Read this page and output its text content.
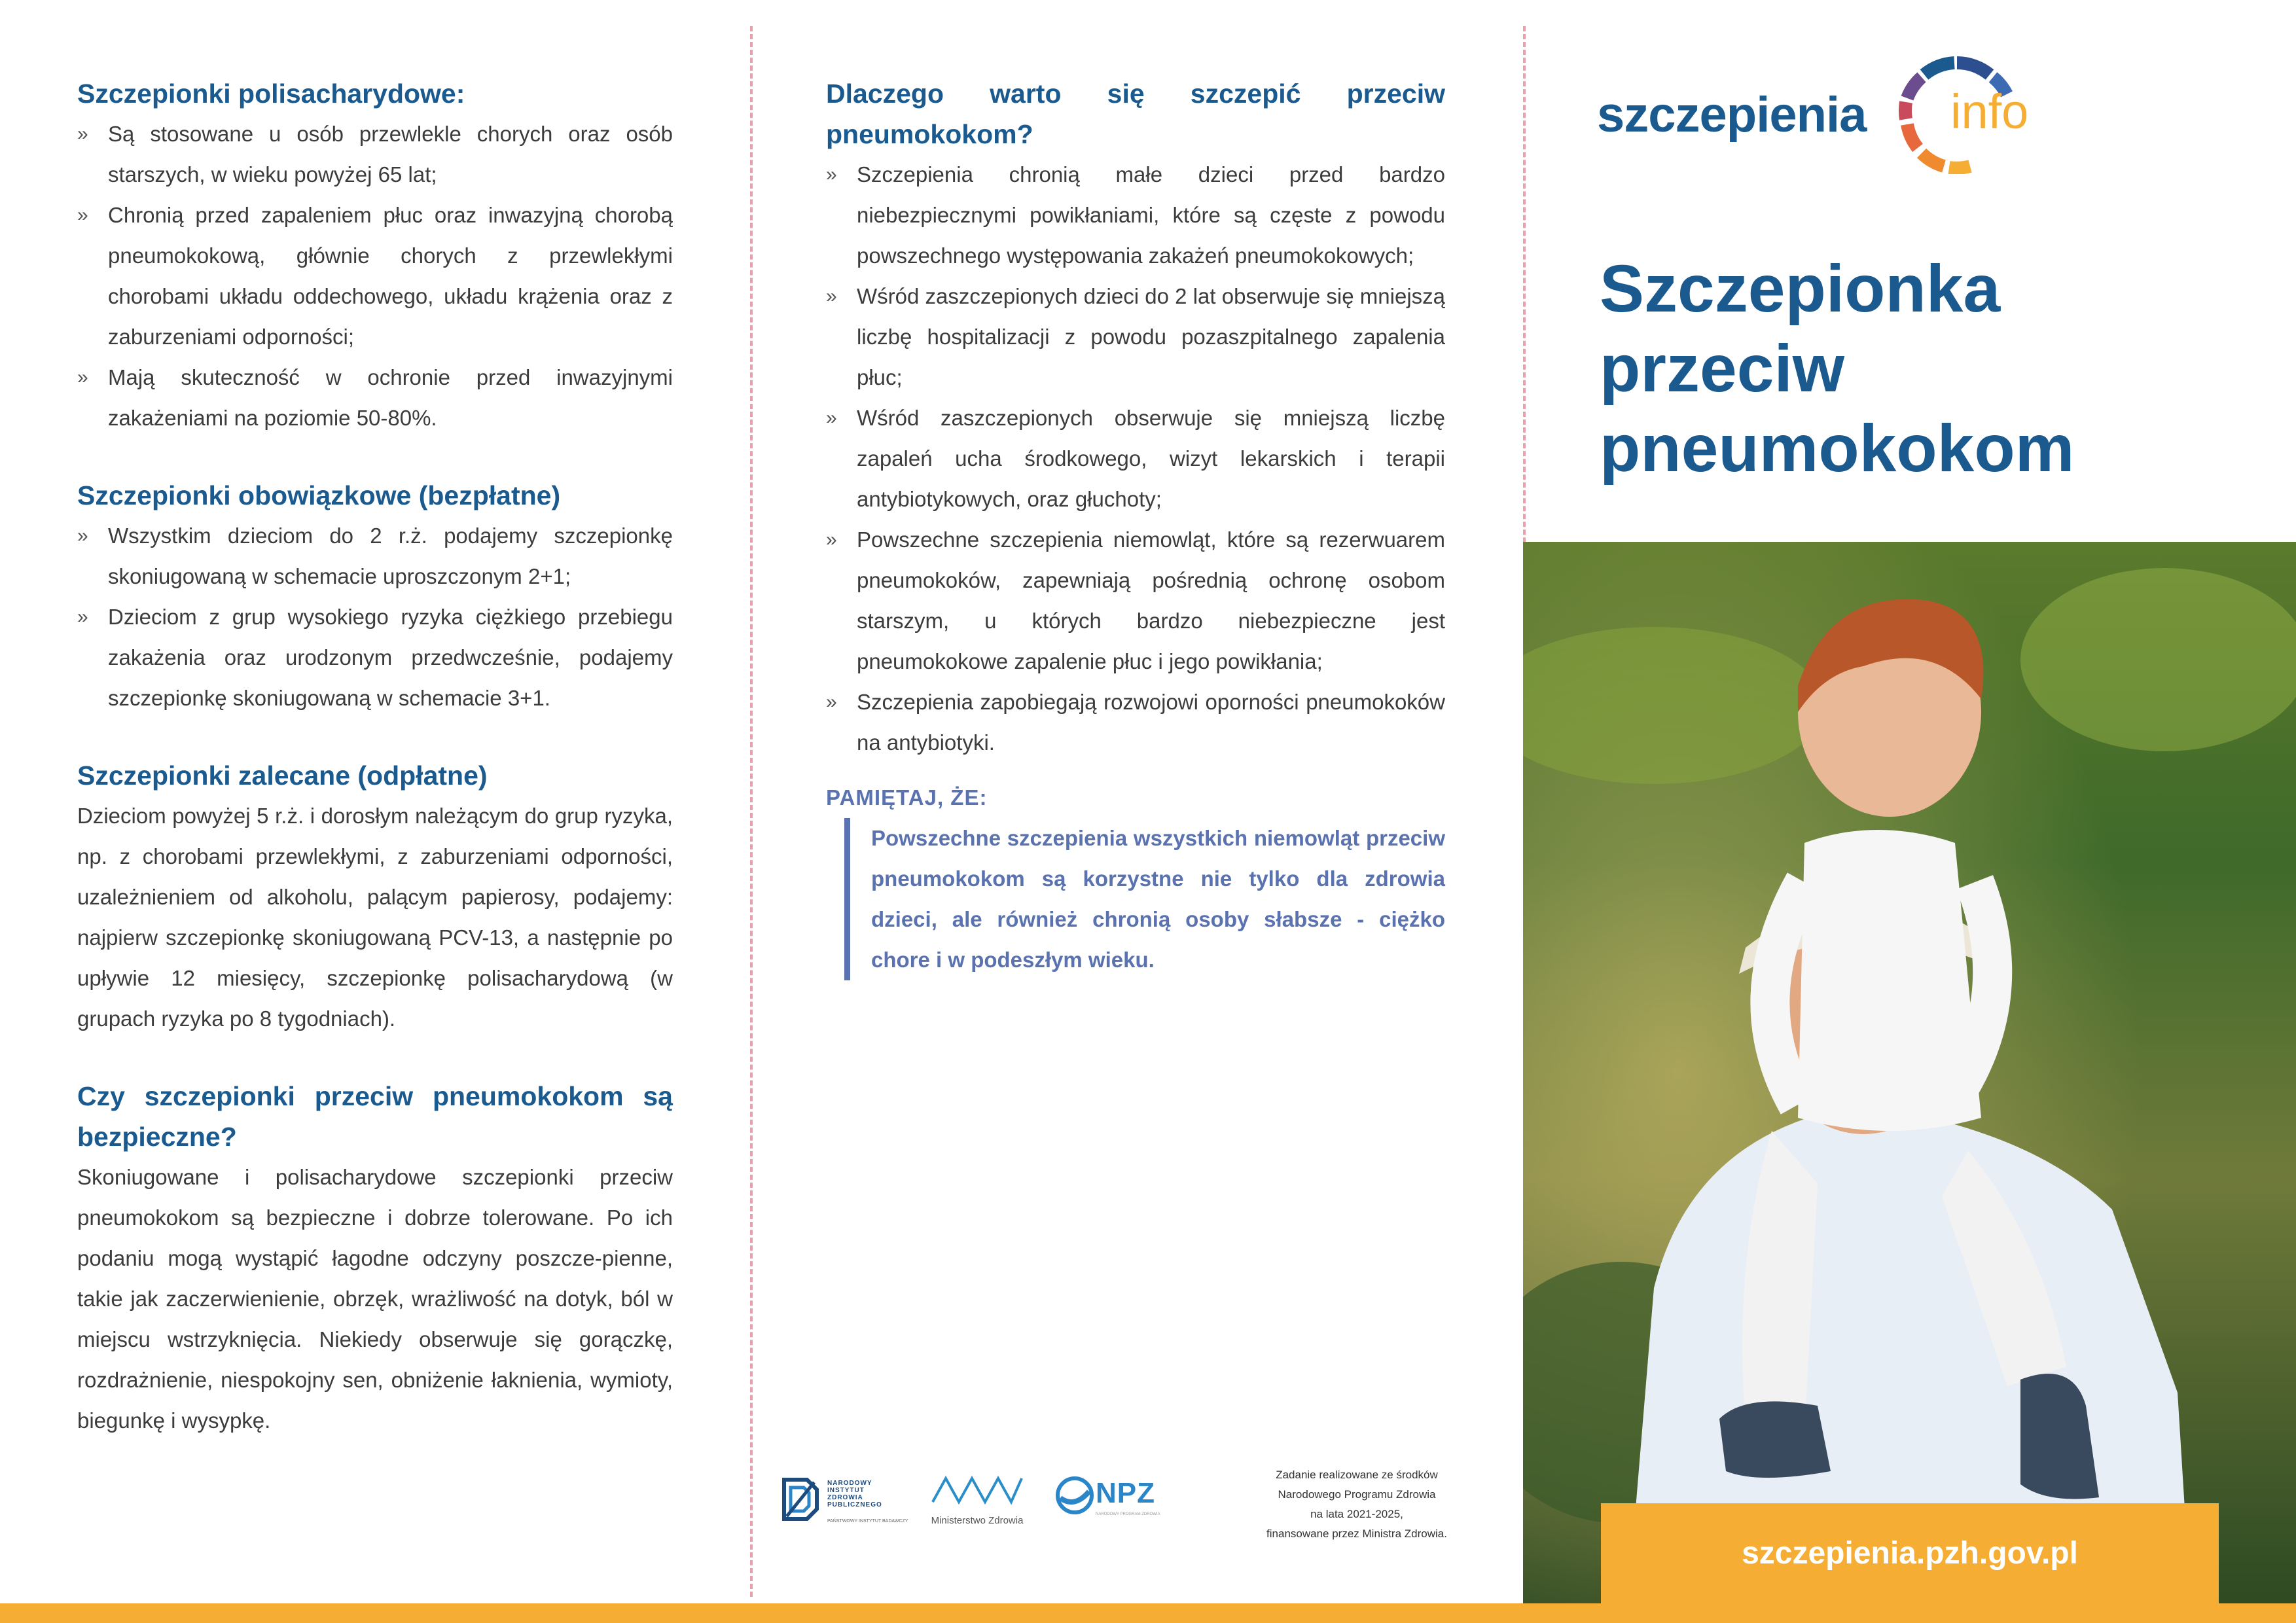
Szczepionki polisacharydowe:
» Są stosowane u osób przewlekle chorych oraz osób starszych, w wieku powyżej 65 lat;
» Chronią przed zapaleniem płuc oraz inwazyjną chorobą pneumokokową, głównie chorych z przewlekłymi chorobami układu oddechowego, układu krążenia oraz z zaburzeniami odporności;
» Mają skuteczność w ochronie przed inwazyjnymi zakażeniami na poziomie 50-80%.
Szczepionki obowiązkowe (bezpłatne)
» Wszystkim dzieciom do 2 r.ż. podajemy szczepionkę skoniugowaną w schemacie uproszczonym 2+1;
» Dzieciom z grup wysokiego ryzyka ciężkiego przebiegu zakażenia oraz urodzonym przedwcześnie, podajemy szczepionkę skoniugowaną w schemacie 3+1.
Szczepionki zalecane (odpłatne)

Dzieciom powyżej 5 r.ż. i dorosłym należącym do grup ryzyka, np. z chorobami przewlekłymi, z zaburzeniami odporności, uzależnieniem od alkoholu, palącym papierosy, podajemy: najpierw szczepionkę skoniugowaną PCV-13, a następnie po upływie 12 miesięcy, szczepionkę polisacharydową (w grupach ryzyka po 8 tygodniach).

Czy szczepionki przeciw pneumokokom są bezpieczne?

Skoniugowane i polisacharydowe szczepionki przeciw pneumokokom są bezpieczne i dobrze tolerowane. Po ich podaniu mogą wystąpić łagodne odczyny poszcze-pienne, takie jak zaczerwienienie, obrzęk, wrażliwość na dotyk, ból w miejscu wstrzyknięcia. Niekiedy obserwuje się gorączkę, rozdrażnienie, niespokojny sen, obniżenie łaknienia, wymioty, biegunkę i wysypkę.

Dlaczego warto się szczepić przeciw pneumokokom?
» Szczepienia chronią małe dzieci przed bardzo niebezpiecznymi powikłaniami, które są częste z powodu powszechnego występowania zakażeń pneumokokowych;
» Wśród zaszczepionych dzieci do 2 lat obserwuje się mniejszą liczbę hospitalizacji z powodu pozaszpitalnego zapalenia płuc;
» Wśród zaszczepionych obserwuje się mniejszą liczbę zapaleń ucha środkowego, wizyt lekarskich i terapii antybiotykowych, oraz głuchoty;
» Powszechne szczepienia niemowląt, które są rezerwuarem pneumokoków, zapewniają pośrednią ochronę osobom starszym, u których bardzo niebezpieczne jest pneumokokowe zapalenie płuc i jego powikłania;
» Szczepienia zapobiegają rozwojowi oporności pneumokoków na antybiotyki.
PAMIĘTAJ, ŻE:

Powszechne szczepienia wszystkich niemowląt przeciw pneumokokom są korzystne nie tylko dla zdrowia dzieci, ale również chronią osoby słabsze - ciężko chore i w podeszłym wieku.

NARODOWY
INSTYTUT
ZDROWIA
PUBLICZNEGO
PAŃSTWOWY INSTYTUT BADAWCZY	Ministerstwo Zdrowia
NPZ
NARODOWY PROGRAM ZDROWIA
Zadanie realizowane ze środków
Narodowego Programu Zdrowia
na lata 2021-2025,
finansowane przez Ministra Zdrowia.
szczepienia info
Szczepionka
przeciw
pneumokokom
szczepienia.pzh.gov.pl
